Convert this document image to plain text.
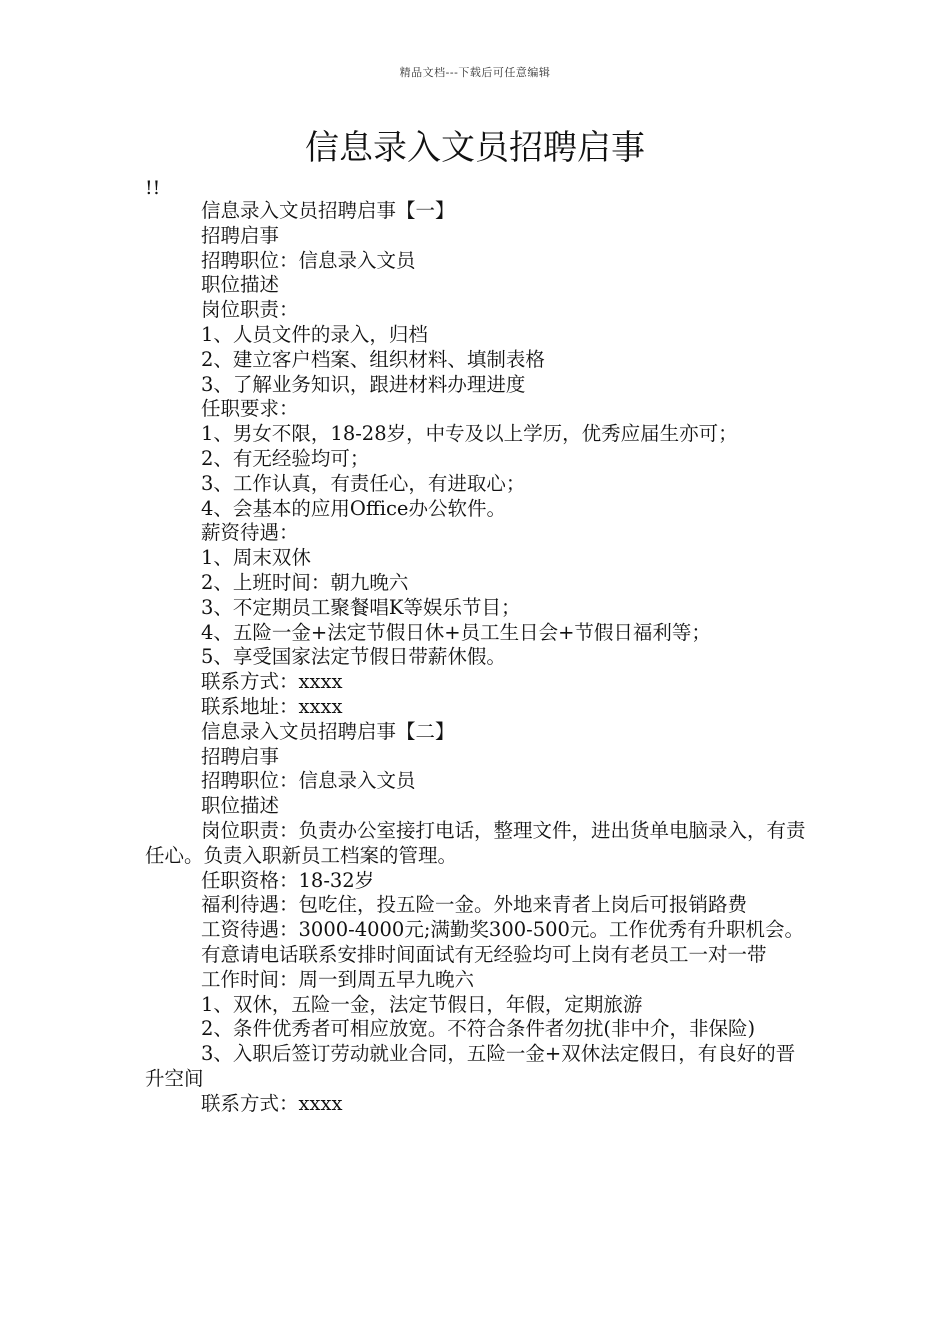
精品文档---下载后可任意编辑
信息录入文员招聘启事
!!

信息录入文员招聘启事【一】

招聘启事

招聘职位：信息录入文员

职位描述

岗位职责：

1、人员文件的录入，归档

2、建立客户档案、组织材料、填制表格

3、了解业务知识，跟进材料办理进度

任职要求：

1、男女不限，18-28岁，中专及以上学历，优秀应届生亦可；

2、有无经验均可；

3、工作认真，有责任心，有进取心；

4、会基本的应用Office办公软件。

薪资待遇：

1、周末双休

2、上班时间：朝九晚六

3、不定期员工聚餐唱K等娱乐节目；

4、五险一金+法定节假日休+员工生日会+节假日福利等；

5、享受国家法定节假日带薪休假。

联系方式：xxxx

联系地址：xxxx

信息录入文员招聘启事【二】

招聘启事

招聘职位：信息录入文员

职位描述

岗位职责：负责办公室接打电话，整理文件，进出货单电脑录入，有责任心。负责入职新员工档案的管理。

任职资格：18-32岁

福利待遇：包吃住，投五险一金。外地来青者上岗后可报销路费

工资待遇：3000-4000元;满勤奖300-500元。工作优秀有升职机会。

有意请电话联系安排时间面试有无经验均可上岗有老员工一对一带

工作时间：周一到周五早九晚六

1、双休，五险一金，法定节假日，年假，定期旅游

2、条件优秀者可相应放宽。不符合条件者勿扰(非中介，非保险)

3、入职后签订劳动就业合同，五险一金+双休法定假日，有良好的晋升空间

联系方式：xxxx
